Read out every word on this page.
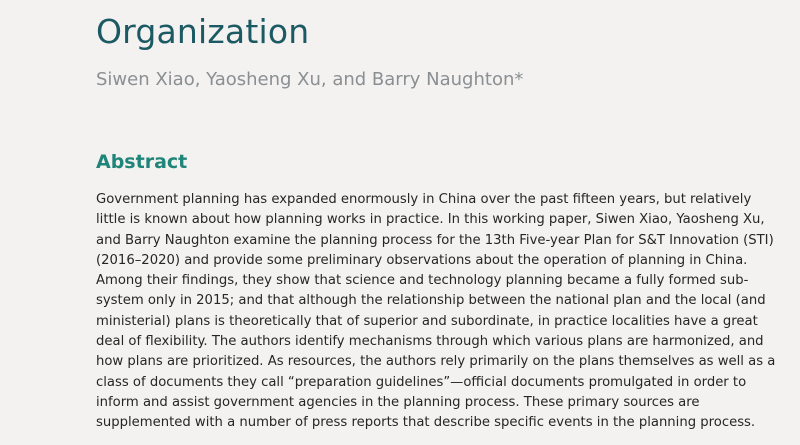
Organization

Siwen Xiao, Yaosheng Xu, and Barry Naughton*

Abstract
Government planning has expanded enormously in China over the past fifteen years, but relatively
little is known about how planning works in practice. In this working paper, Siwen Xiao, Yaosheng Xu,
and Barry Naughton examine the planning process for the 13th Five-year Plan for S&T Innovation (STI)
(2016–2020) and provide some preliminary observations about the operation of planning in China.
Among their findings, they show that science and technology planning became a fully formed sub-
system only in 2015; and that although the relationship between the national plan and the local (and
ministerial) plans is theoretically that of superior and subordinate, in practice localities have a great
deal of flexibility. The authors identify mechanisms through which various plans are harmonized, and
how plans are prioritized. As resources, the authors rely primarily on the plans themselves as well as a
class of documents they call “preparation guidelines”—official documents promulgated in order to
inform and assist government agencies in the planning process. These primary sources are
supplemented with a number of press reports that describe specific events in the planning process.
